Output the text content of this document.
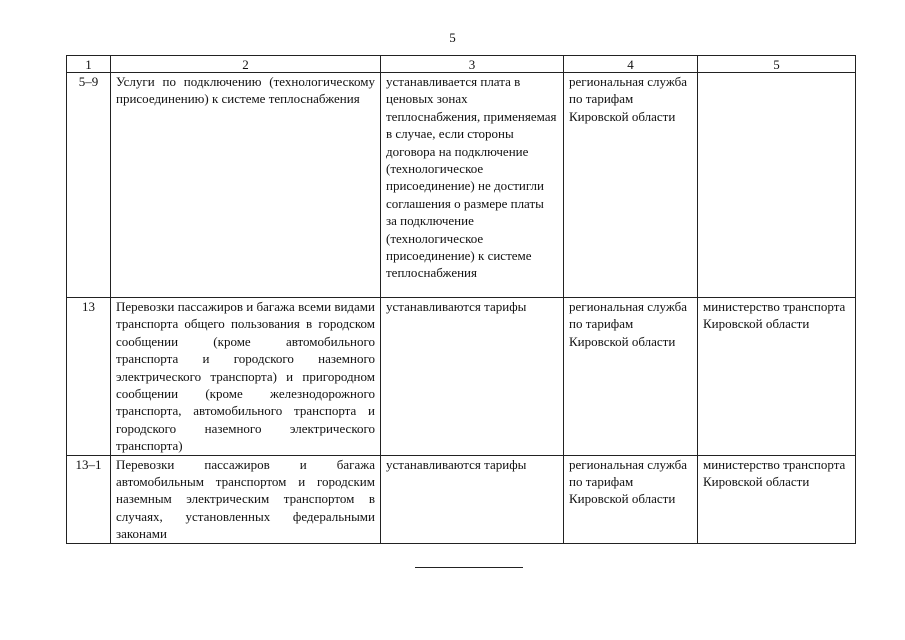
5
1	2	3	4	5
5–9	Услуги по подключению (технологическому присоединению) к системе теплоснабжения	устанавливается плата в ценовых зонах теплоснабжения, применяемая в случае, если стороны договора на подключение (технологическое присоединение) не достигли соглашения о размере платы за подключение (технологическое присоединение) к системе теплоснабжения	региональная служба по тарифам Кировской области	
13	Перевозки пассажиров и багажа всеми видами транспорта общего пользования в городском сообщении (кроме автомобильного транспорта и городского наземного электрического транспорта) и пригородном сообщении (кроме железнодорожного транспорта, автомобильного транспорта и городского наземного электрического транспорта)	устанавливаются тарифы	региональная служба по тарифам Кировской области	министерство транспорта Кировской области
13–1	Перевозки пассажиров и багажа автомобильным транспортом и городским наземным электрическим транспортом в случаях, установленных федеральными законами	устанавливаются тарифы	региональная служба по тарифам Кировской области	министерство транспорта Кировской области
